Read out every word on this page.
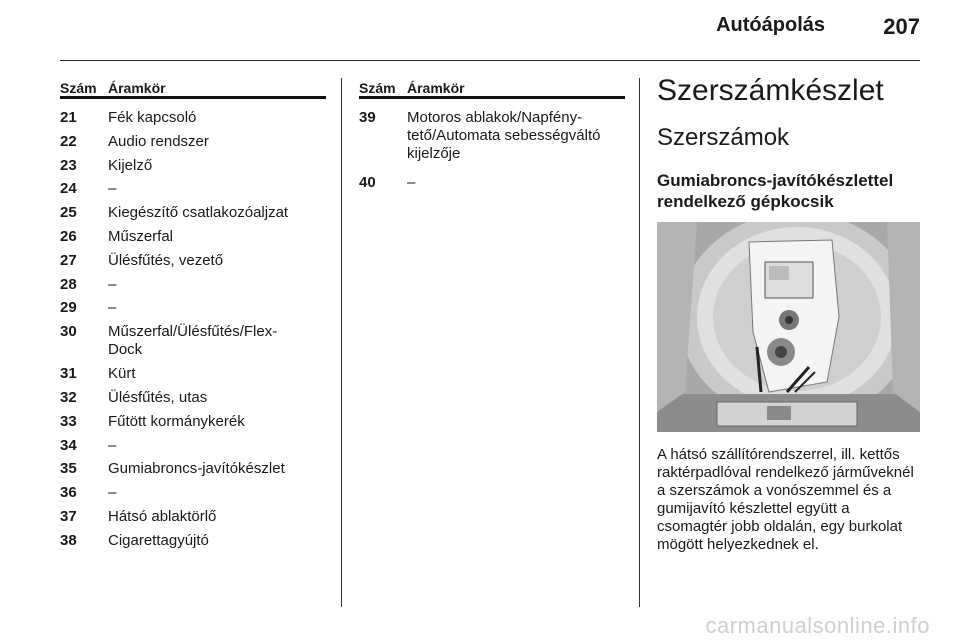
Autóápolás	207
Szám Áramkör
21 Fék kapcsoló
22 Audio rendszer
23 Kijelző
24 –
25 Kiegészítő csatlakozóaljzat
26 Műszerfal
27 Ülésfűtés, vezető
28 –
29 –
30 Műszerfal/Ülésfűtés/Flex-Dock
31 Kürt
32 Ülésfűtés, utas
33 Fűtött kormánykerék
34 –
35 Gumiabroncs-javítókészlet
36 –
37 Hátsó ablaktörlő
38 Cigarettagyújtó
Szám Áramkör
39 Motoros ablakok/Napfény-tető/Automata sebességváltó kijelzője
40 –
Szerszámkészlet
Szerszámok
Gumiabroncs-javítókészlettel rendelkező gépkocsik
A hátsó szállítórendszerrel, ill. kettős raktérpadlóval rendelkező járműveknél a szerszámok a vonószemmel és a gumijavító készlettel együtt a csomagtér jobb oldalán, egy burkolat mögött helyezkednek el.
carmanualsonline.info
